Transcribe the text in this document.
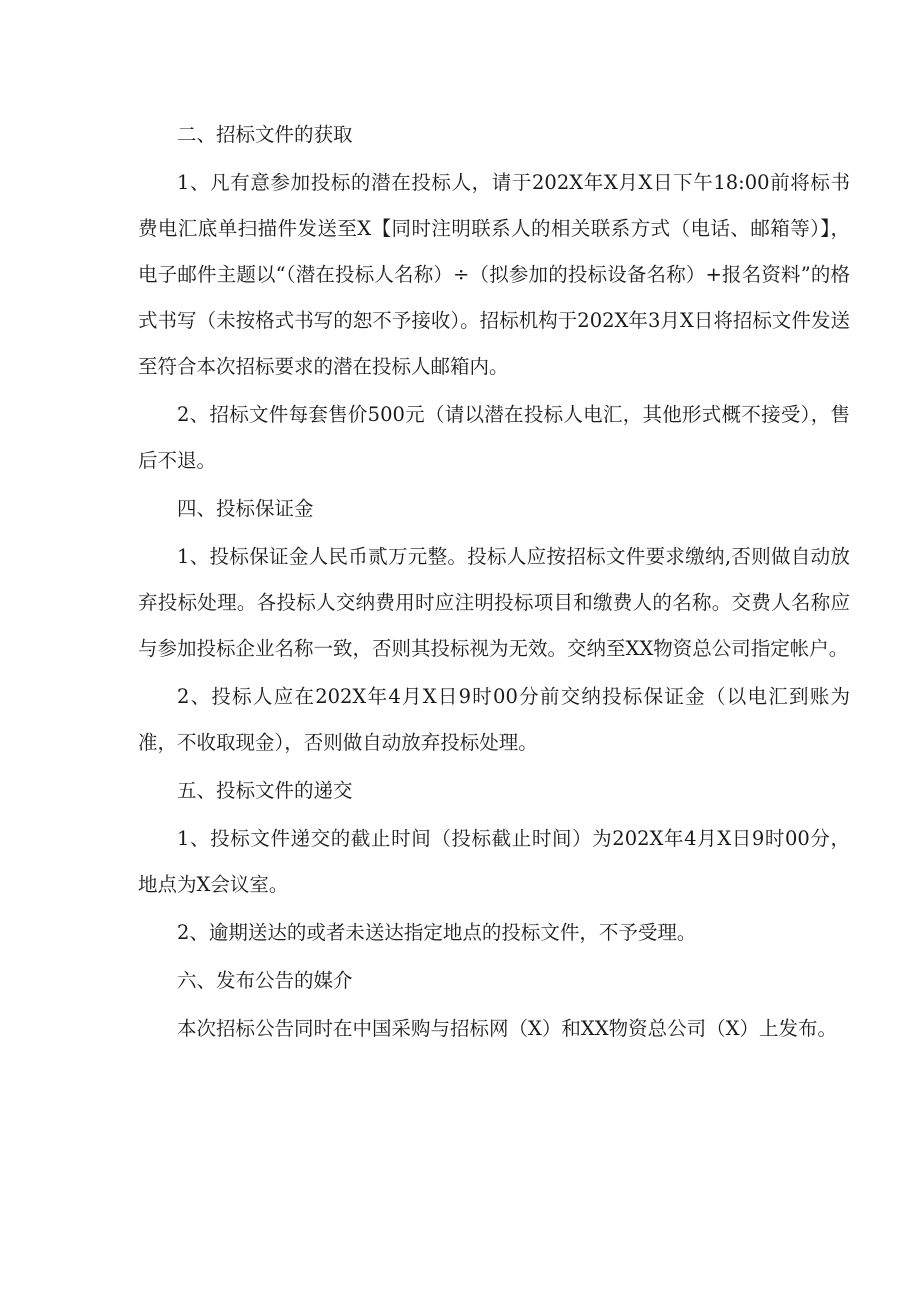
二、招标文件的获取

1、凡有意参加投标的潜在投标人，请于202X年X月X日下午18:00前将标书费电汇底单扫描件发送至X【同时注明联系人的相关联系方式（电话、邮箱等）】，电子邮件主题以“（潜在投标人名称）÷（拟参加的投标设备名称）+报名资料”的格式书写（未按格式书写的恕不予接收）。招标机构于202X年3月X日将招标文件发送至符合本次招标要求的潜在投标人邮箱内。

2、招标文件每套售价500元（请以潜在投标人电汇，其他形式概不接受），售后不退。

四、投标保证金

1、投标保证金人民币贰万元整。投标人应按招标文件要求缴纳,否则做自动放弃投标处理。各投标人交纳费用时应注明投标项目和缴费人的名称。交费人名称应与参加投标企业名称一致，否则其投标视为无效。交纳至XX物资总公司指定帐户。

2、投标人应在202X年4月X日9时00分前交纳投标保证金（以电汇到账为准，不收取现金），否则做自动放弃投标处理。

五、投标文件的递交

1、投标文件递交的截止时间（投标截止时间）为202X年4月X日9时00分，地点为X会议室。

2、逾期送达的或者未送达指定地点的投标文件，不予受理。

六、发布公告的媒介

本次招标公告同时在中国采购与招标网（X）和XX物资总公司（X）上发布。
